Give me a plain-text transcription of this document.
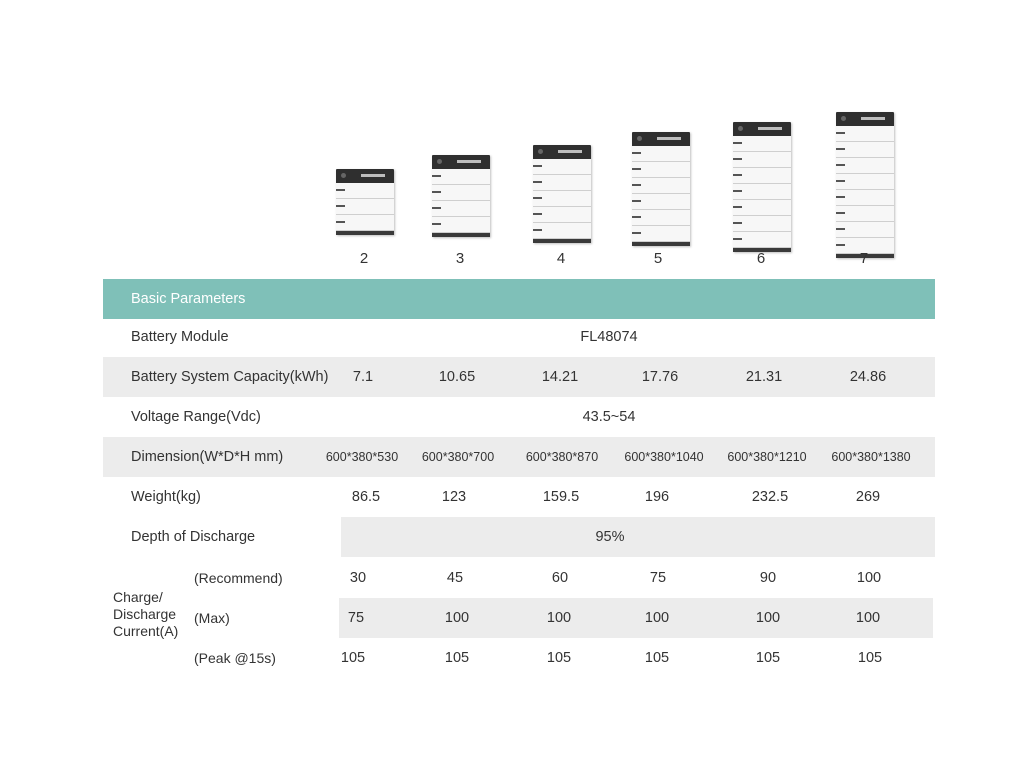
2	3	4	5	6	7
Basic Parameters
Battery Module	FL48074
Battery System Capacity(kWh)	7.1	10.65	14.21	17.76	21.31	24.86
Voltage Range(Vdc)	43.5~54
Dimension(W*D*H mm)	600*380*530	600*380*700	600*380*870	600*380*1040	600*380*1210	600*380*1380
Weight(kg)	86.5	123	159.5	196	232.5	269
Depth of Discharge	95%
(Recommend)	30	45	60	75	90	100
(Max)	75	100	100	100	100	100
(Peak @15s)	105	105	105	105	105	105
Charge/
Discharge
Current(A)
